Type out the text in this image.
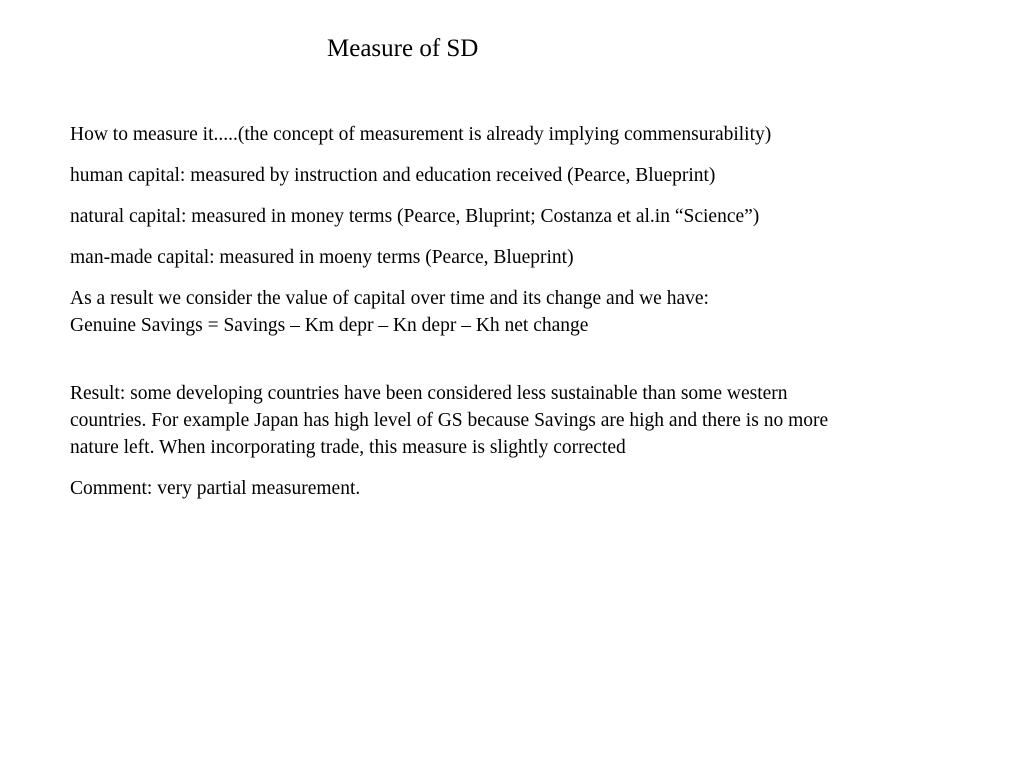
Measure of SD

How to measure it.....(the concept of measurement is already implying commensurability)

human capital: measured by instruction and education received (Pearce, Blueprint)

natural capital: measured in money terms (Pearce, Bluprint; Costanza et al.in “Science”)

man-made capital: measured in moeny terms (Pearce, Blueprint)

As a result we consider the value of capital over time and its change and we have:
Genuine Savings = Savings – Km depr – Kn depr – Kh net change

Result: some developing countries have been considered less sustainable than some western
countries. For example Japan has high level of GS because Savings are high and there is no more
nature left. When incorporating trade, this measure is slightly corrected

Comment: very partial measurement.
